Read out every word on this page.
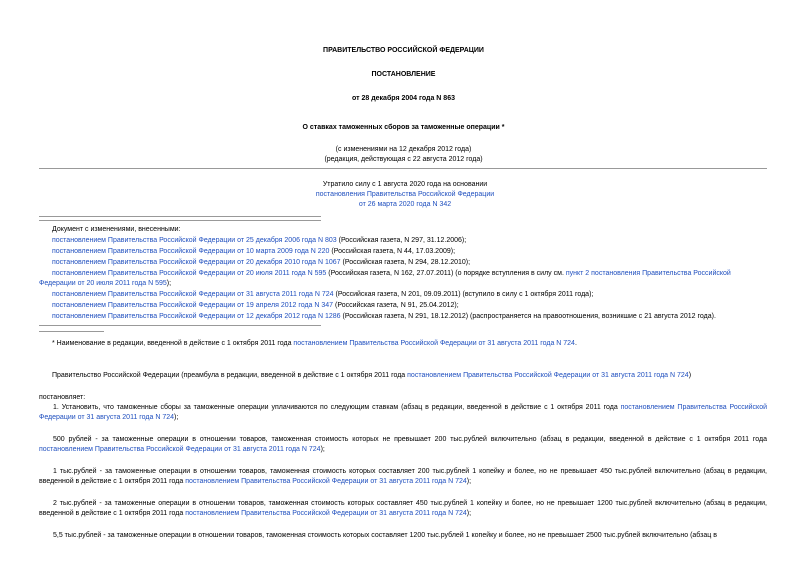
ПРАВИТЕЛЬСТВО РОССИЙСКОЙ ФЕДЕРАЦИИ
ПОСТАНОВЛЕНИЕ
от 28 декабря 2004 года N 863
О ставках таможенных сборов за таможенные операции *
(с изменениями на 12 декабря 2012 года)
(редакция, действующая с 22 августа 2012 года)
Утратило силу с 1 августа 2020 года на основании
постановления Правительства Российской Федерации
от 26 марта 2020 года N 342
Документ с изменениями, внесенными:
постановлением Правительства Российской Федерации от 25 декабря 2006 года N 803 (Российская газета, N 297, 31.12.2006);
постановлением Правительства Российской Федерации от 10 марта 2009 года N 220 (Российская газета, N 44, 17.03.2009);
постановлением Правительства Российской Федерации от 20 декабря 2010 года N 1067 (Российская газета, N 294, 28.12.2010);
постановлением Правительства Российской Федерации от 20 июля 2011 года N 595 (Российская газета, N 162, 27.07.2011) (о порядке вступления в силу см. пункт 2 постановления Правительства Российской
Федерации от 20 июля 2011 года N 595);
постановлением Правительства Российской Федерации от 31 августа 2011 года N 724 (Российская газета, N 201, 09.09.2011) (вступило в силу с 1 октября 2011 года);
постановлением Правительства Российской Федерации от 19 апреля 2012 года N 347 (Российская газета, N 91, 25.04.2012);
постановлением Правительства Российской Федерации от 12 декабря 2012 года N 1286 (Российская газета, N 291, 18.12.2012) (распространяется на правоотношения, возникшие с 21 августа 2012 года).
* Наименование в редакции, введенной в действие с 1 октября 2011 года постановлением Правительства Российской Федерации от 31 августа 2011 года N 724.
Правительство Российской Федерации (преамбула в редакции, введенной в действие с 1 октября 2011 года постановлением Правительства Российской Федерации от 31 августа 2011 года N 724)
постановляет:
1. Установить, что таможенные сборы за таможенные операции уплачиваются по следующим ставкам (абзац в редакции, введенной в действие с 1 октября 2011 года постановлением Правительства Российской Федерации от 31 августа 2011 года N 724);
500 рублей - за таможенные операции в отношении товаров, таможенная стоимость которых не превышает 200 тыс.рублей включительно (абзац в редакции, введенной в действие с 1 октября 2011 года постановлением Правительства Российской Федерации от 31 августа 2011 года N 724);
1 тыс.рублей - за таможенные операции в отношении товаров, таможенная стоимость которых составляет 200 тыс.рублей 1 копейку и более, но не превышает 450 тыс.рублей включительно (абзац в редакции, введенной в действие с 1 октября 2011 года постановлением Правительства Российской Федерации от 31 августа 2011 года N 724);
2 тыс.рублей - за таможенные операции в отношении товаров, таможенная стоимость которых составляет 450 тыс.рублей 1 копейку и более, но не превышает 1200 тыс.рублей включительно (абзац в редакции, введенной в действие с 1 октября 2011 года постановлением Правительства Российской Федерации от 31 августа 2011 года N 724);
5,5 тыс.рублей - за таможенные операции в отношении товаров, таможенная стоимость которых составляет 1200 тыс.рублей 1 копейку и более, но не превышает 2500 тыс.рублей включительно (абзац в
